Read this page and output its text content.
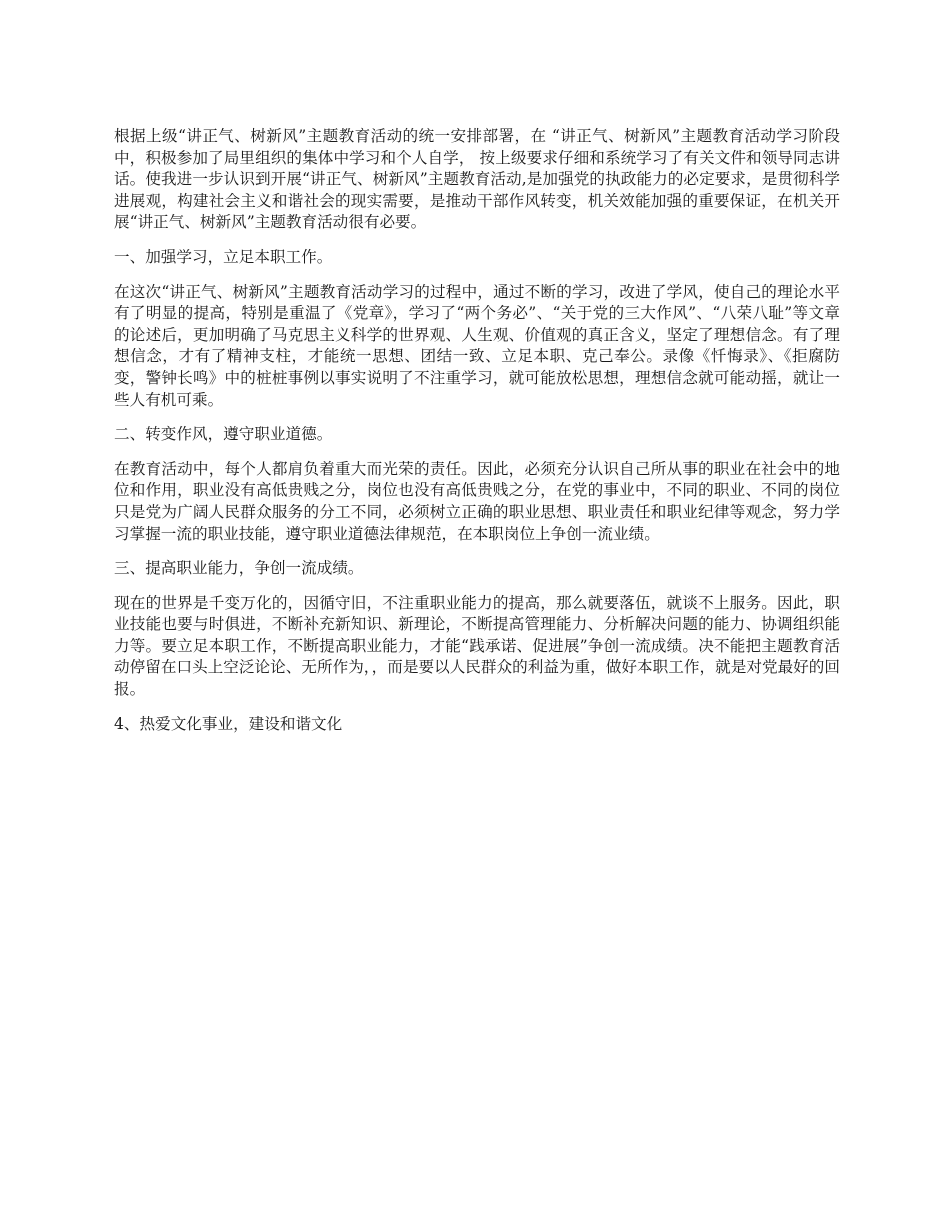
根据上级“讲正气、树新风”主题教育活动的统一安排部署，在 “讲正气、树新风”主题教育活动学习阶段中，积极参加了局里组织的集体中学习和个人自学， 按上级要求仔细和系统学习了有关文件和领导同志讲话。使我进一步认识到开展“讲正气、树新风”主题教育活动,是加强党的执政能力的必定要求，是贯彻科学进展观，构建社会主义和谐社会的现实需要，是推动干部作风转变，机关效能加强的重要保证，在机关开展“讲正气、树新风”主题教育活动很有必要。

一、加强学习，立足本职工作。

在这次“讲正气、树新风”主题教育活动学习的过程中，通过不断的学习，改进了学风，使自己的理论水平有了明显的提高，特别是重温了《党章》，学习了“两个务必”、“关于党的三大作风”、“八荣八耻”等文章的论述后，更加明确了马克思主义科学的世界观、人生观、价值观的真正含义，坚定了理想信念。有了理想信念，才有了精神支柱，才能统一思想、团结一致、立足本职、克己奉公。录像《忏悔录》、《拒腐防变，警钟长鸣》中的桩桩事例以事实说明了不注重学习，就可能放松思想，理想信念就可能动摇，就让一些人有机可乘。

二、转变作风，遵守职业道德。

在教育活动中，每个人都肩负着重大而光荣的责任。因此，必须充分认识自己所从事的职业在社会中的地位和作用，职业没有高低贵贱之分，岗位也没有高低贵贱之分，在党的事业中，不同的职业、不同的岗位只是党为广阔人民群众服务的分工不同，必须树立正确的职业思想、职业责任和职业纪律等观念，努力学习掌握一流的职业技能，遵守职业道德法律规范，在本职岗位上争创一流业绩。

三、提高职业能力，争创一流成绩。

现在的世界是千变万化的，因循守旧，不注重职业能力的提高，那么就要落伍，就谈不上服务。因此，职业技能也要与时俱进，不断补充新知识、新理论，不断提高管理能力、分析解决问题的能力、协调组织能力等。要立足本职工作，不断提高职业能力，才能“践承诺、促进展”争创一流成绩。决不能把主题教育活动停留在口头上空泛论论、无所作为，，而是要以人民群众的利益为重，做好本职工作，就是对党最好的回报。

4、热爱文化事业，建设和谐文化
